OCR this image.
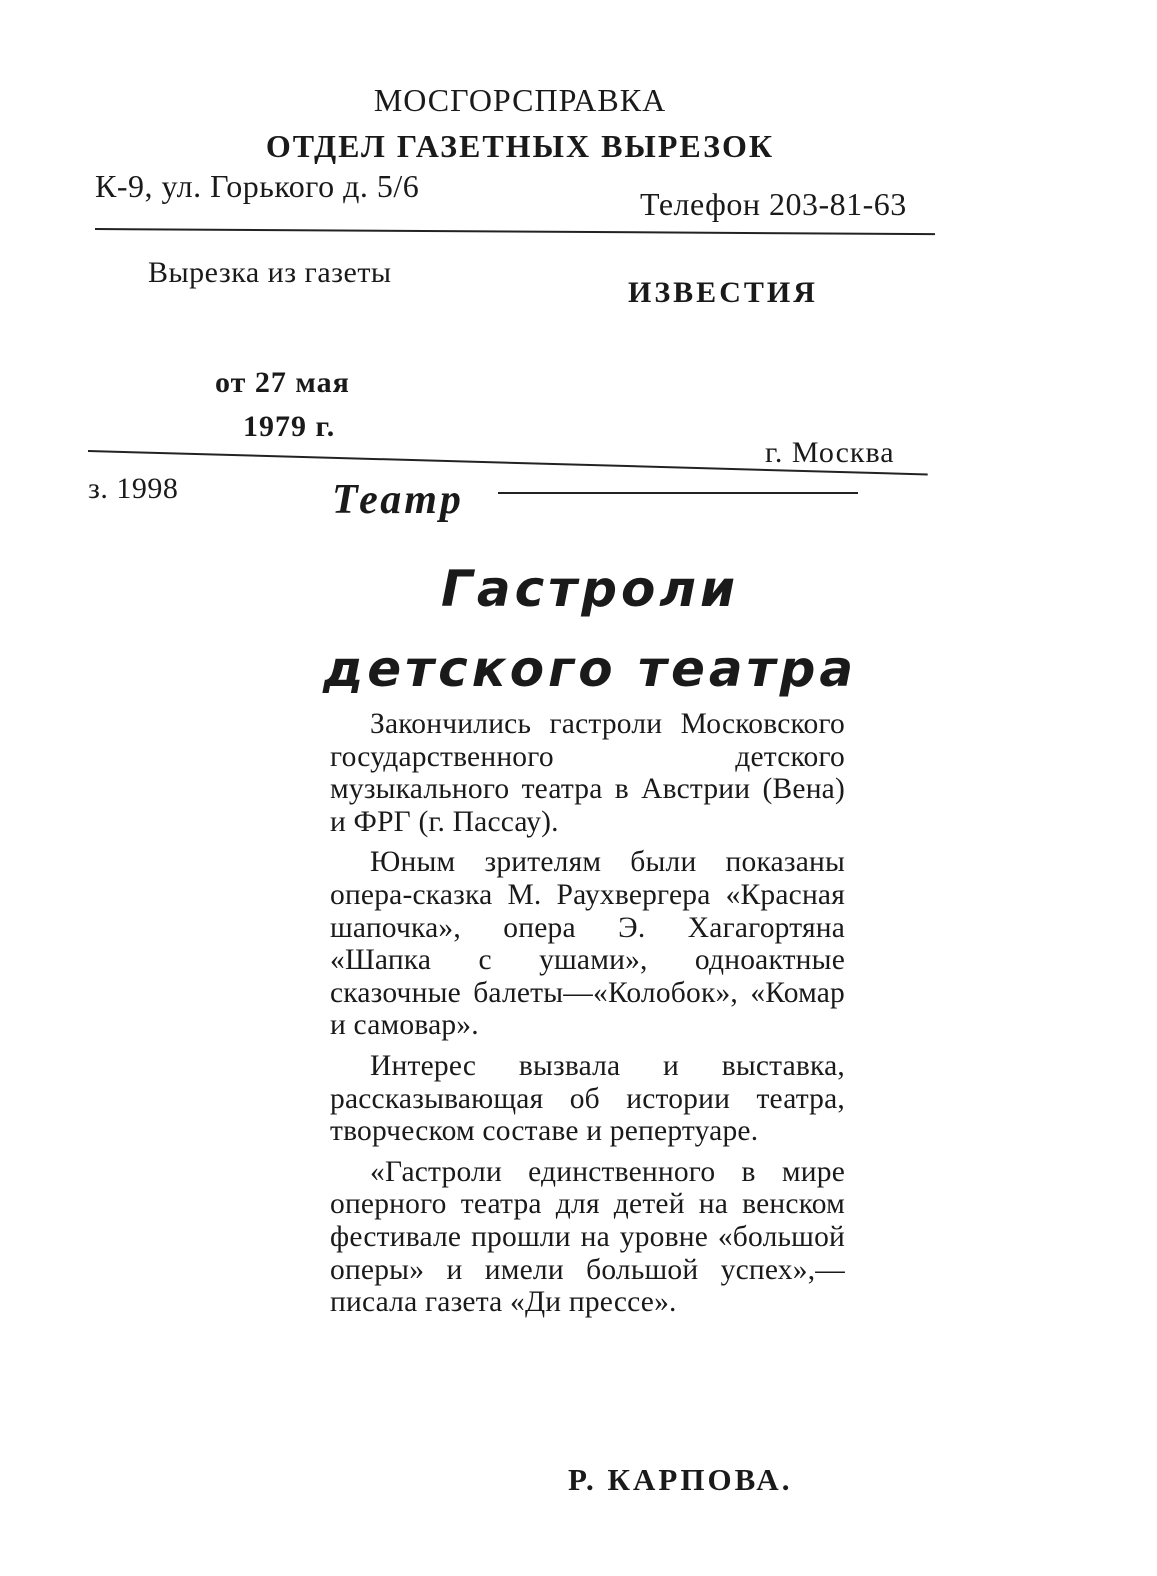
МОСГОРСПРАВКА
ОТДЕЛ ГАЗЕТНЫХ ВЫРЕЗОК
К-9, ул. Горького д. 5/6	Телефон 203-81-63
Вырезка из газеты
ИЗВЕСТИЯ
от 27 мая
1979 г.
г. Москва
з. 1998	Театр
Гастроли
детского театра

Закончились гастроли Московского государственного детского музыкального театра в Австрии (Вена) и ФРГ (г. Пассау).

Юным зрителям были показаны опера-сказка М. Раухвергера «Красная шапочка», опера Э. Хагагортяна «Шапка с ушами», одноактные сказочные балеты—«Колобок», «Комар и самовар».

Интерес вызвала и выставка, рассказывающая об истории театра, творческом составе и репертуаре.

«Гастроли единственного в мире оперного театра для детей на венском фестивале прошли на уровне «большой оперы» и имели большой успех»,— писала газета «Ди прессе».

Р. КАРПОВА.
